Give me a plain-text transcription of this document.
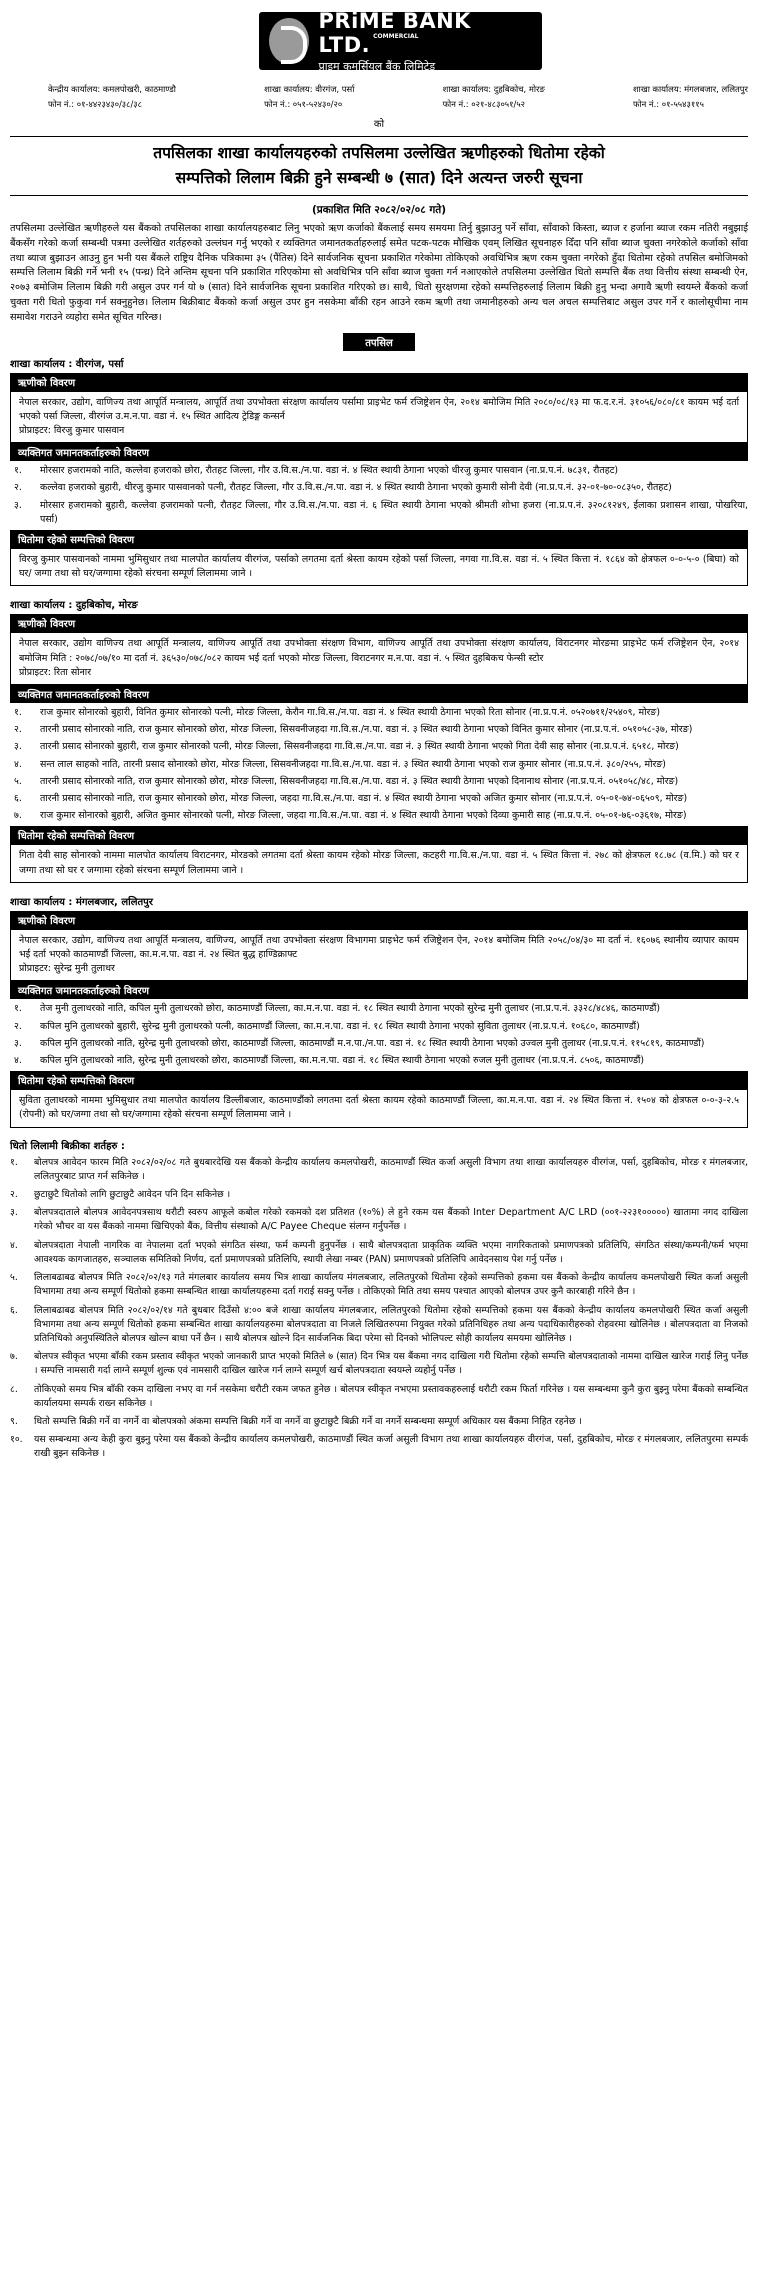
PRiME BANK LTD. $^{COMMERCIAL}$
प्राइम कमर्सियल बैंक लिमिटेड
केन्द्रीय कार्यालय: कमलपोखरी, काठमाण्डौ
फोन नं.: ०१-४४२३४३०/३८/३८
शाखा कार्यालय: वीरगंज, पर्सा
फोन नं.: ०५१-५२४३०/२०
शाखा कार्यालय: दुहबिकोच, मोरङ
फोन नं.: ०२१-४८३०५१/५२
शाखा कार्यालय: मंगलबजार, ललितपुर
फोन नं.: ०१-५५४३११५
को
तपसिलका शाखा कार्यालयहरुको तपसिलमा उल्लेखित ऋणीहरुको धितोमा रहेको
सम्पत्तिको लिलाम बिक्री हुने सम्बन्धी ७ (सात) दिने अत्यन्त जरुरी सूचना
(प्रकाशित मिति २०८२/०२/०८ गते)
तपसिलमा उल्लेखित ऋणीहरुले यस बैंकको तपसिलका शाखा कार्यालयहरुबाट लिनु भएको ऋण कर्जाको बैंकलाई समय समयमा तिर्नु बुझाउनु पर्ने साँवा, साँवाको किस्ता, ब्याज र हर्जाना ब्याज रकम नतिरी नबुझाई बैंकसँग गरेको कर्जा सम्बन्धी पत्रमा उल्लेखित शर्तहरुको उल्लंघन गर्नु भएको र व्यक्तिगत जमानतकर्ताहरुलाई समेत पटक-पटक मौखिक एवम् लिखित सूचनाहरु दिँदा पनि साँवा ब्याज चुक्ता नगरेकोले कर्जाको साँवा तथा ब्याज बुझाउन आउनु हुन भनी यस बैंकले राष्ट्रिय दैनिक पत्रिकामा ३५ (पैंतिस) दिने सार्वजनिक सूचना प्रकाशित गरेकोमा तोकिएको अवधिभित्र ऋण रकम चुक्ता नगरेको हुँदा धितोमा रहेको तपसिल बमोजिमको सम्पत्ति लिलाम बिक्री गर्ने भनी १५ (पन्ध्र) दिने अन्तिम सूचना पनि प्रकाशित गरिएकोमा सो अवधिभित्र पनि साँवा ब्याज चुक्ता गर्न नआएकोले तपसिलमा उल्लेखित धितो सम्पत्ति बैंक तथा वित्तीय संस्था सम्बन्धी ऐन, २०७३ बमोजिम लिलाम बिक्री गरी असुल उपर गर्न यो ७ (सात) दिने सार्वजनिक सूचना प्रकाशित गरिएको छ। साथै, धितो सुरक्षणमा रहेको सम्पत्तिहरुलाई लिलाम बिक्री हुनु भन्दा अगावै ऋणी स्वयम्ले बैंकको कर्जा चुक्ता गरी धितो फुकुवा गर्न सक्नुहुनेछ। लिलाम बिक्रीबाट बैंकको कर्जा असुल उपर हुन नसकेमा बाँकी रहन आउने रकम ऋणी तथा जमानीहरुको अन्य चल अचल सम्पत्तिबाट असुल उपर गर्ने र कालोसूचीमा नाम समावेश गराउने व्यहोरा समेत सूचित गरिन्छ।
तपसिल
शाखा कार्यालय : वीरगंज, पर्सा
ऋणीको विवरण
नेपाल सरकार, उद्योग, वाणिज्य तथा आपूर्ति मन्त्रालय, आपूर्ति तथा उपभोक्ता संरक्षण कार्यालय पर्सामा प्राइभेट फर्म रजिष्ट्रेशन ऐन, २०१४ बमोजिम मिति २०८०/०८/१३ मा फ.द.र.नं. ३१०५६/०८०/८१ कायम भई दर्ता भएको पर्सा जिल्ला, वीरगंज उ.म.न.पा. वडा नं. १५ स्थित आदित्य ट्रेडिङ्ग कन्सर्न
प्रोप्राइटर: विरजु कुमार पासवान
व्यक्तिगत जमानतकर्ताहरुको विवरण
१.	मोरसार हजरामको नाति, कल्लेवा हजराको छोरा, रौतहट जिल्ला, गौर उ.वि.स./न.पा. वडा नं. ४ स्थित स्थायी ठेगाना भएको धीरजु कुमार पासवान (ना.प्र.प.नं. ७८३१, रौतहट)
२.	कल्लेवा हजराको बुहारी, धीरजु कुमार पासवानको पत्नी, रौतहट जिल्ला, गौर उ.वि.स./न.पा. वडा नं. ४ स्थित स्थायी ठेगाना भएको कुमारी सोनी देवी (ना.प्र.प.नं. ३२-०१-७०-०८३५०, रौतहट)
३.	मोरसार हजरामको बुहारी, कल्लेवा हजरामको पत्नी, रौतहट जिल्ला, गौर उ.वि.स./न.पा. वडा नं. ६ स्थित स्थायी ठेगाना भएको श्रीमती शोभा हजरा (ना.प्र.प.नं. ३२०८१२४९, ईलाका प्रशासन शाखा, पोखरिया, पर्सा)
धितोमा रहेको सम्पत्तिको विवरण
विरजु कुमार पासवानको नाममा भुमिसुधार तथा मालपोत कार्यालय वीरगंज, पर्साको लगतमा दर्ता श्रेस्ता कायम रहेको पर्सा जिल्ला, नगवा गा.वि.स. वडा नं. ५ स्थित कित्ता नं. १८६४ को क्षेत्रफल ०-०-५-० (बिघा) को घर/ जग्गा तथा सो घर/जग्गामा रहेको संरचना सम्पूर्ण लिलाममा जाने ।
शाखा कार्यालय : दुहबिकोच, मोरङ
ऋणीको विवरण
नेपाल सरकार, उद्योग वाणिज्य तथा आपूर्ति मन्त्रालय, वाणिज्य आपूर्ति तथा उपभोक्ता संरक्षण विभाग, वाणिज्य आपूर्ति तथा उपभोक्ता संरक्षण कार्यालय, विराटनगर मोरङमा प्राइभेट फर्म रजिष्ट्रेशन ऐन, २०१४ बमोजिम मिति : २०७८/०७/१० मा दर्ता नं. ३६५३०/०७८/०८२ कायम भई दर्ता भएको मोरङ जिल्ला, विराटनगर म.न.पा. वडा नं. ५ स्थित दुहबिकच फेन्सी स्टोर
प्रोप्राइटर: रिता सोनार
व्यक्तिगत जमानतकर्ताहरुको विवरण
१.	राज कुमार सोनारको बुहारी, विनित कुमार सोनारको पत्नी, मोरङ जिल्ला, केरौन गा.वि.स./न.पा. वडा नं. ४ स्थित स्थायी ठेगाना भएको रिता सोनार (ना.प्र.प.नं. ०५२०७११/२५४०९, मोरङ)
२.	तारनी प्रसाद सोनारको नाति, राज कुमार सोनारको छोरा, मोरङ जिल्ला, सिसवनीजहदा गा.वि.स./न.पा. वडा नं. ३ स्थित स्थायी ठेगाना भएको विनित कुमार सोनार (ना.प्र.प.नं. ०५१०५८-३७, मोरङ)
३.	तारनी प्रसाद सोनारको बुहारी, राज कुमार सोनारको पत्नी, मोरङ जिल्ला, सिसवनीजहदा गा.वि.स./न.पा. वडा नं. ३ स्थित स्थायी ठेगाना भएको गिता देवी साह सोनार (ना.प्र.प.नं. ६५१८, मोरङ)
४.	सन्त लाल साहको नाति, तारनी प्रसाद सोनारको छोरा, मोरङ जिल्ला, सिसवनीजहदा गा.वि.स./न.पा. वडा नं. ३ स्थित स्थायी ठेगाना भएको राज कुमार सोनार (ना.प्र.प.नं. ३८०/२५५, मोरङ)
५.	तारनी प्रसाद सोनारको नाति, राज कुमार सोनारको छोरा, मोरङ जिल्ला, सिसवनीजहदा गा.वि.स./न.पा. वडा नं. ३ स्थित स्थायी ठेगाना भएको दिनानाथ सोनार (ना.प्र.प.नं. ०५१०५८/४८, मोरङ)
६.	तारनी प्रसाद सोनारको नाति, राज कुमार सोनारको छोरा, मोरङ जिल्ला, जहदा गा.वि.स./न.पा. वडा नं. ४ स्थित स्थायी ठेगाना भएको अजित कुमार सोनार (ना.प्र.प.नं. ०५-०१-७४-०६५०९, मोरङ)
७.	राज कुमार सोनारको बुहारी, अजित कुमार सोनारको पत्नी, मोरङ जिल्ला, जहदा गा.वि.स./न.पा. वडा नं. ४ स्थित स्थायी ठेगाना भएको दिव्या कुमारी साह (ना.प्र.प.नं. ०५-०१-७६-०३६१७, मोरङ)
धितोमा रहेको सम्पत्तिको विवरण
गिता देवी साह सोनारको नाममा मालपोत कार्यालय विराटनगर, मोरङको लगतमा दर्ता श्रेस्ता कायम रहेको मोरङ जिल्ला, कटहरी गा.वि.स./न.पा. वडा नं. ५ स्थित कित्ता नं. २७८ को क्षेत्रफल १८.७८ (व.मि.) को घर र जग्गा तथा सो घर र जग्गामा रहेको संरचना सम्पूर्ण लिलाममा जाने ।
शाखा कार्यालय : मंगलबजार, ललितपुर
ऋणीको विवरण
नेपाल सरकार, उद्योग, वाणिज्य तथा आपूर्ति मन्त्रालय, वाणिज्य, आपूर्ति तथा उपभोक्ता संरक्षण विभागमा प्राइभेट फर्म रजिष्ट्रेशन ऐन, २०१४ बमोजिम मिति २०५८/०४/३० मा दर्ता नं. १६०७६ स्थानीय व्यापार कायम भई दर्ता भएको काठमाण्डौं जिल्ला, का.म.न.पा. वडा नं. २४ स्थित बुद्ध हाण्डिक्राफ्ट
प्रोप्राइटर: सुरेन्द्र मुनी तुलाधर
व्यक्तिगत जमानतकर्ताहरुको विवरण
१.	तेज मुनी तुलाधरको नाति, कपिल मुनी तुलाधरको छोरा, काठमाण्डौं जिल्ला, का.म.न.पा. वडा नं. १८ स्थित स्थायी ठेगाना भएको सुरेन्द्र मुनी तुलाधर (ना.प्र.प.नं. ३३२८/४८४६, काठमाण्डौं)
२.	कपिल मुनि तुलाधरको बुहारी, सुरेन्द्र मुनी तुलाधरको पत्नी, काठमाण्डौं जिल्ला, का.म.न.पा. वडा नं. १८ स्थित स्थायी ठेगाना भएको सुविता तुलाधर (ना.प्र.प.नं. १०६८०, काठमाण्डौं)
३.	कपिल मुनि तुलाधरको नाति, सुरेन्द्र मुनी तुलाधरको छोरा, काठमाण्डौं जिल्ला, काठमाण्डौं म.न.पा./न.पा. वडा नं. १८ स्थित स्थायी ठेगाना भएको उज्वल मुनी तुलाधर (ना.प्र.प.नं. ११५८१९, काठमाण्डौं)
४.	कपिल मुनि तुलाधरको नाति, सुरेन्द्र मुनी तुलाधरको छोरा, काठमाण्डौं जिल्ला, का.म.न.पा. वडा नं. १८ स्थित स्थायी ठेगाना भएको रुजल मुनी तुलाधर (ना.प्र.प.नं. ८५०६, काठमाण्डौं)
धितोमा रहेको सम्पत्तिको विवरण
सुविता तुलाधरको नाममा भुमिसुधार तथा मालपोत कार्यालय डिल्लीबजार, काठमाण्डौंको लगतमा दर्ता श्रेस्ता कायम रहेको काठमाण्डौं जिल्ला, का.म.न.पा. वडा नं. २४ स्थित कित्ता नं. १५०४ को क्षेत्रफल ०-०-३-२.५ (रोपनी) को घर/जग्गा तथा सो घर/जग्गामा रहेको संरचना सम्पूर्ण लिलाममा जाने ।
धितो लिलामी बिक्रीका शर्तहरु :
१.	बोलपत्र आवेदन फारम मिति २०८२/०२/०८ गते बुधबारदेखि यस बैंकको केन्द्रीय कार्यालय कमलपोखरी, काठमाण्डौं स्थित कर्जा असुली विभाग तथा शाखा कार्यालयहरु वीरगंज, पर्सा, दुहबिकोच, मोरङ र मंगलबजार, ललितपुरबाट प्राप्त गर्न सकिनेछ ।
२.	छुटाछुटै धितोको लागि छुटाछुटै आवेदन पनि दिन सकिनेछ ।
३.	बोलपत्रदाताले बोलपत्र आवेदनपत्रसाथ धरौटी स्वरुप आफूले कबोल गरेको रकमको दश प्रतिशत (१०%) ले हुने रकम यस बैंकको Inter Department A/C LRD (००१-२२३१०००००) खातामा नगद दाखिला गरेको भौचर वा यस बैंकको नाममा खिचिएको बैंक, वित्तीय संस्थाको A/C Payee Cheque संलग्न गर्नुपर्नेछ ।
४.	बोलपत्रदाता नेपाली नागरिक वा नेपालमा दर्ता भएको संगठित संस्था, फर्म कम्पनी हुनुपर्नेछ । साथै बोलपत्रदाता प्राकृतिक व्यक्ति भएमा नागरिकताको प्रमाणपत्रको प्रतिलिपि, संगठित संस्था/कम्पनी/फर्म भएमा आवश्यक कागजातहरु, सञ्चालक समितिको निर्णय, दर्ता प्रमाणपत्रको प्रतिलिपि, स्थायी लेखा नम्बर (PAN) प्रमाणपत्रको प्रतिलिपि आवेदनसाथ पेश गर्नु पर्नेछ ।
५.	लिलाबढाबढ बोलपत्र मिति २०८२/०२/१३ गते मंगलबार कार्यालय समय भित्र शाखा कार्यालय मंगलबजार, ललितपुरको धितोमा रहेको सम्पत्तिको हकमा यस बैंकको केन्द्रीय कार्यालय कमलपोखरी स्थित कर्जा असुली विभागमा तथा अन्य सम्पूर्ण धितोको हकमा सम्बन्धित शाखा कार्यालयहरुमा दर्ता गराई सक्नु पर्नेछ । तोकिएको मिति तथा समय पश्चात आएको बोलपत्र उपर कुनै कारबाही गरिने छैन ।
६.	लिलाबढाबढ बोलपत्र मिति २०८२/०२/१४ गते बुधबार दिउँसो ४:०० बजे शाखा कार्यालय मंगलबजार, ललितपुरको धितोमा रहेको सम्पत्तिको हकमा यस बैंकको केन्द्रीय कार्यालय कमलपोखरी स्थित कर्जा असुली विभागमा तथा अन्य सम्पूर्ण धितोको हकमा सम्बन्धित शाखा कार्यालयहरुमा बोलपत्रदाता वा निजले लिखितरुपमा नियुक्त गरेको प्रतिनिधिहरु तथा अन्य पदाधिकारीहरुको रोहवरमा खोलिनेछ । बोलपत्रदाता वा निजको प्रतिनिधिको अनुपस्थितिले बोलपत्र खोल्न बाधा पर्ने छैन । साथै बोलपत्र खोल्ने दिन सार्वजनिक बिदा परेमा सो दिनको भोलिपल्ट सोही कार्यालय समयमा खोलिनेछ ।
७.	बोलपत्र स्वीकृत भएमा बाँकी रकम प्रस्ताव स्वीकृत भएको जानकारी प्राप्त भएको मितिले ७ (सात) दिन भित्र यस बैंकमा नगद दाखिला गरी धितोमा रहेको सम्पत्ति बोलपत्रदाताको नाममा दाखिल खारेज गराई लिनु पर्नेछ । सम्पत्ति नामसारी गर्दा लाग्ने सम्पूर्ण शुल्क एवं नामसारी दाखिल खारेज गर्न लाग्ने सम्पूर्ण खर्च बोलपत्रदाता स्वयम्ले व्यहोर्नु पर्नेछ ।
८.	तोकिएको समय भित्र बाँकी रकम दाखिला नभए वा गर्न नसकेमा धरौटी रकम जफत हुनेछ । बोलपत्र स्वीकृत नभएमा प्रस्तावकहरुलाई धरौटी रकम फिर्ता गरिनेछ । यस सम्बन्धमा कुनै कुरा बुझ्नु परेमा बैंकको सम्बन्धित कार्यालयमा सम्पर्क राख्न सकिनेछ ।
९.	धितो सम्पत्ति बिक्री गर्ने वा नगर्ने वा बोलपत्रको अंकमा सम्पत्ति बिक्री गर्ने वा नगर्ने वा छुटाछुटै बिक्री गर्ने वा नगर्ने सम्बन्धमा सम्पूर्ण अधिकार यस बैंकमा निहित रहनेछ ।
१०.	यस सम्बन्धमा अन्य केही कुरा बुझ्नु परेमा यस बैंकको केन्द्रीय कार्यालय कमलपोखरी, काठमाण्डौं स्थित कर्जा असुली विभाग तथा शाखा कार्यालयहरु वीरगंज, पर्सा, दुहबिकोच, मोरङ र मंगलबजार, ललितपुरमा सम्पर्क राखी बुझ्न सकिनेछ ।
